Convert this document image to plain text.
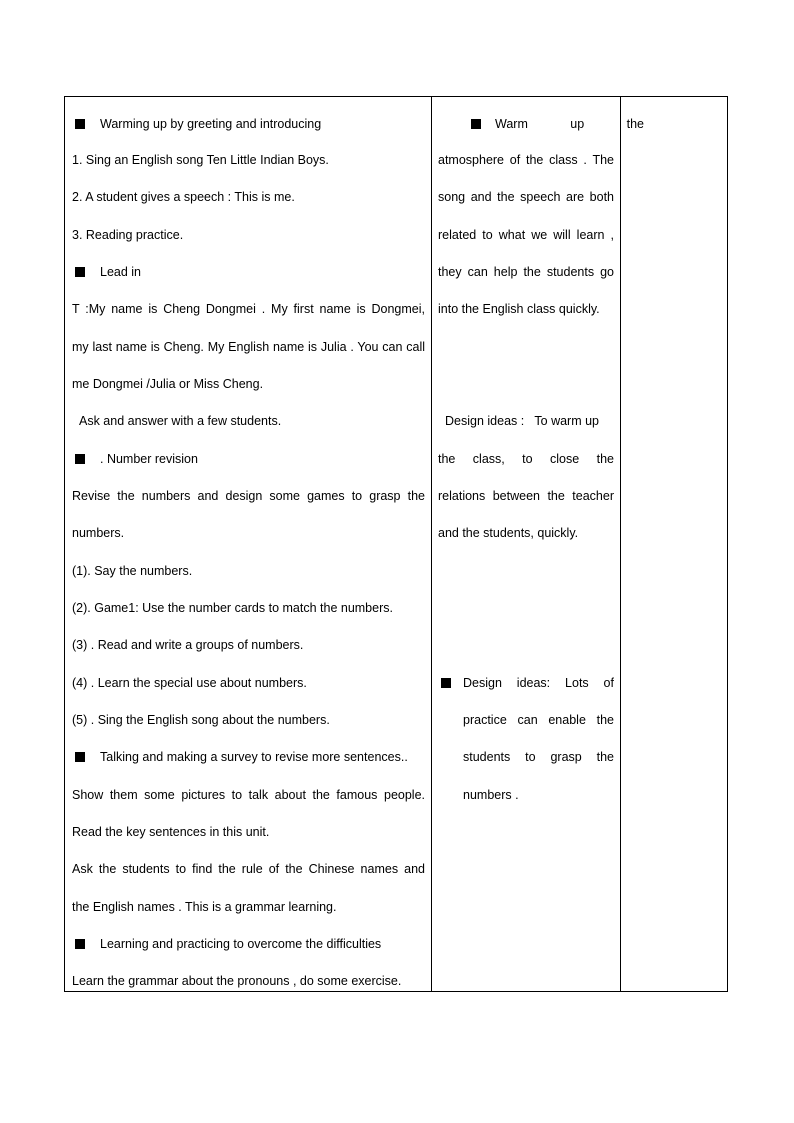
Warming up by greeting and introducing
1. Sing an English song Ten Little Indian Boys.
2. A student gives a speech : This is me.
3. Reading practice.
Lead in
T :My name is Cheng Dongmei . My first name is Dongmei,
my last name is Cheng. My English name is Julia . You can call
me Dongmei /Julia or Miss Cheng.
Ask and answer with a few students.
. Number revision
Revise the numbers and design some games to grasp the
numbers.
(1). Say the numbers.
(2). Game1: Use the number cards to match the numbers.
(3) . Read and write a groups of numbers.
(4) . Learn the special use about numbers.
(5) . Sing the English song about the numbers.
Talking and making a survey to revise more sentences..
Show them some pictures to talk about the famous people.
Read the key sentences in this unit.
Ask the students to find the rule of the Chinese names and
the English names . This is a grammar learning.
Learning and practicing to overcome the difficulties
Learn the grammar about the pronouns , do some exercise.
Warm up the
atmosphere of the class . The
song and the speech are both
related to what we will learn ,
they can help the students go
into the English class quickly.
Design ideas :   To warm up
the class, to close the
relations between the teacher
and the students, quickly.
Design ideas: Lots of
practice can enable the
students to grasp the
numbers .
